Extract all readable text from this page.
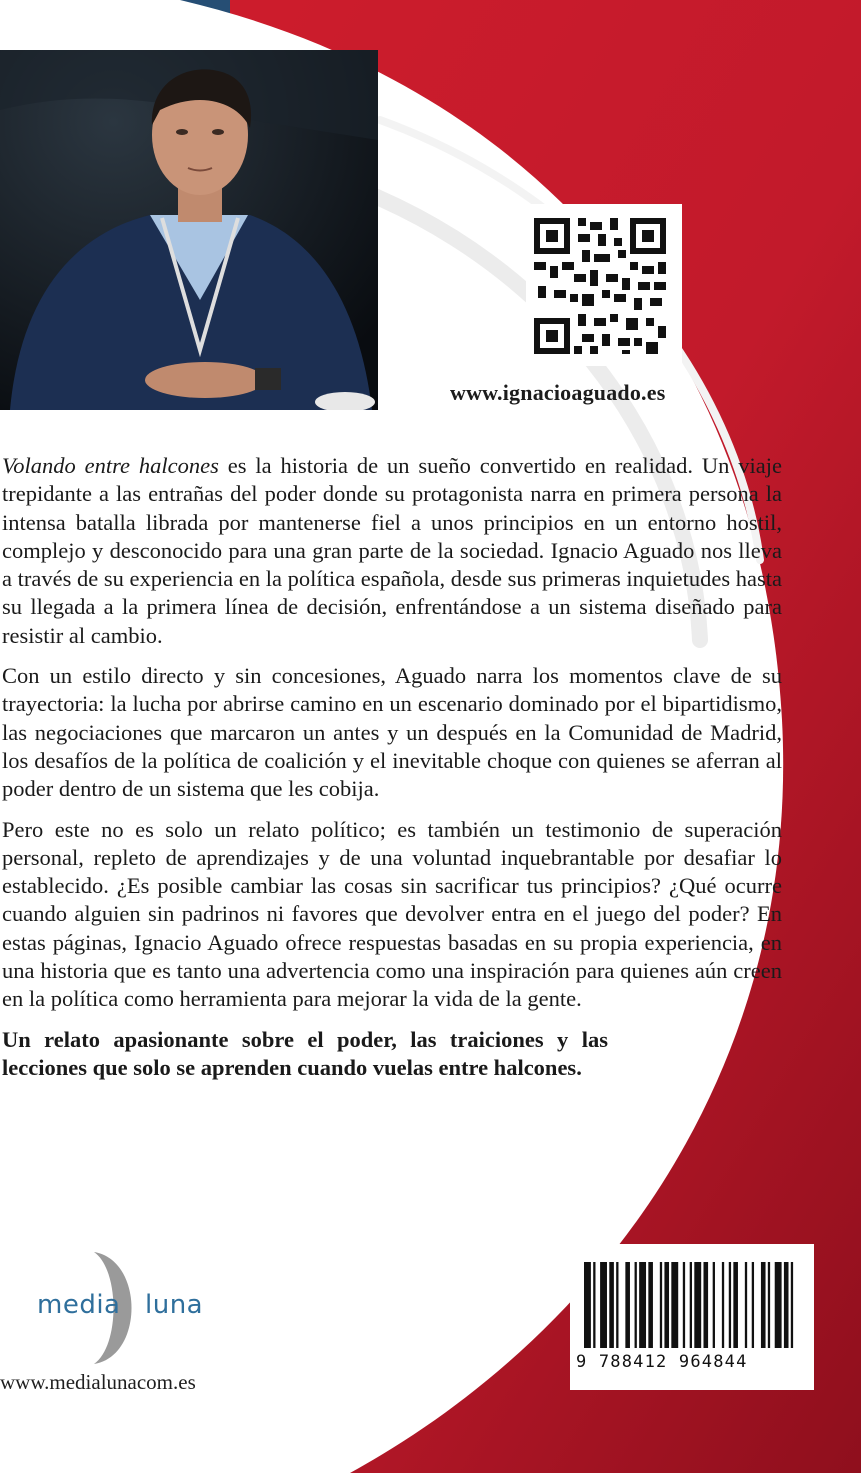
www.ignacioaguado.es

Volando entre halcones es la historia de un sueño convertido en realidad. Un viaje trepidante a las entrañas del poder donde su protagonista narra en primera persona la intensa batalla librada por mantenerse fiel a unos principios en un entorno hostil, complejo y desconocido para una gran parte de la sociedad. Ignacio Aguado nos lleva a través de su experiencia en la política española, desde sus primeras inquietudes hasta su llegada a la primera línea de decisión, enfrentándose a un sistema diseñado para resistir al cambio.

Con un estilo directo y sin concesiones, Aguado narra los momentos clave de su trayectoria: la lucha por abrirse camino en un escenario dominado por el bipartidismo, las negociaciones que marcaron un antes y un después en la Comunidad de Madrid, los desafíos de la política de coalición y el inevitable choque con quienes se aferran al poder dentro de un sistema que les cobija.

Pero este no es solo un relato político; es también un testimonio de superación personal, repleto de aprendizajes y de una voluntad inquebrantable por desafiar lo establecido. ¿Es posible cambiar las cosas sin sacrificar tus principios? ¿Qué ocurre cuando alguien sin padrinos ni favores que devolver entra en el juego del poder? En estas páginas, Ignacio Aguado ofrece respuestas basadas en su propia experiencia, en una historia que es tanto una advertencia como una inspiración para quienes aún creen en la política como herramienta para mejorar la vida de la gente.

Un relato apasionante sobre el poder, las traiciones y las lecciones que solo se aprenden cuando vuelas entre halcones.

media luna
www.medialunacom.es
9 788412 964844
